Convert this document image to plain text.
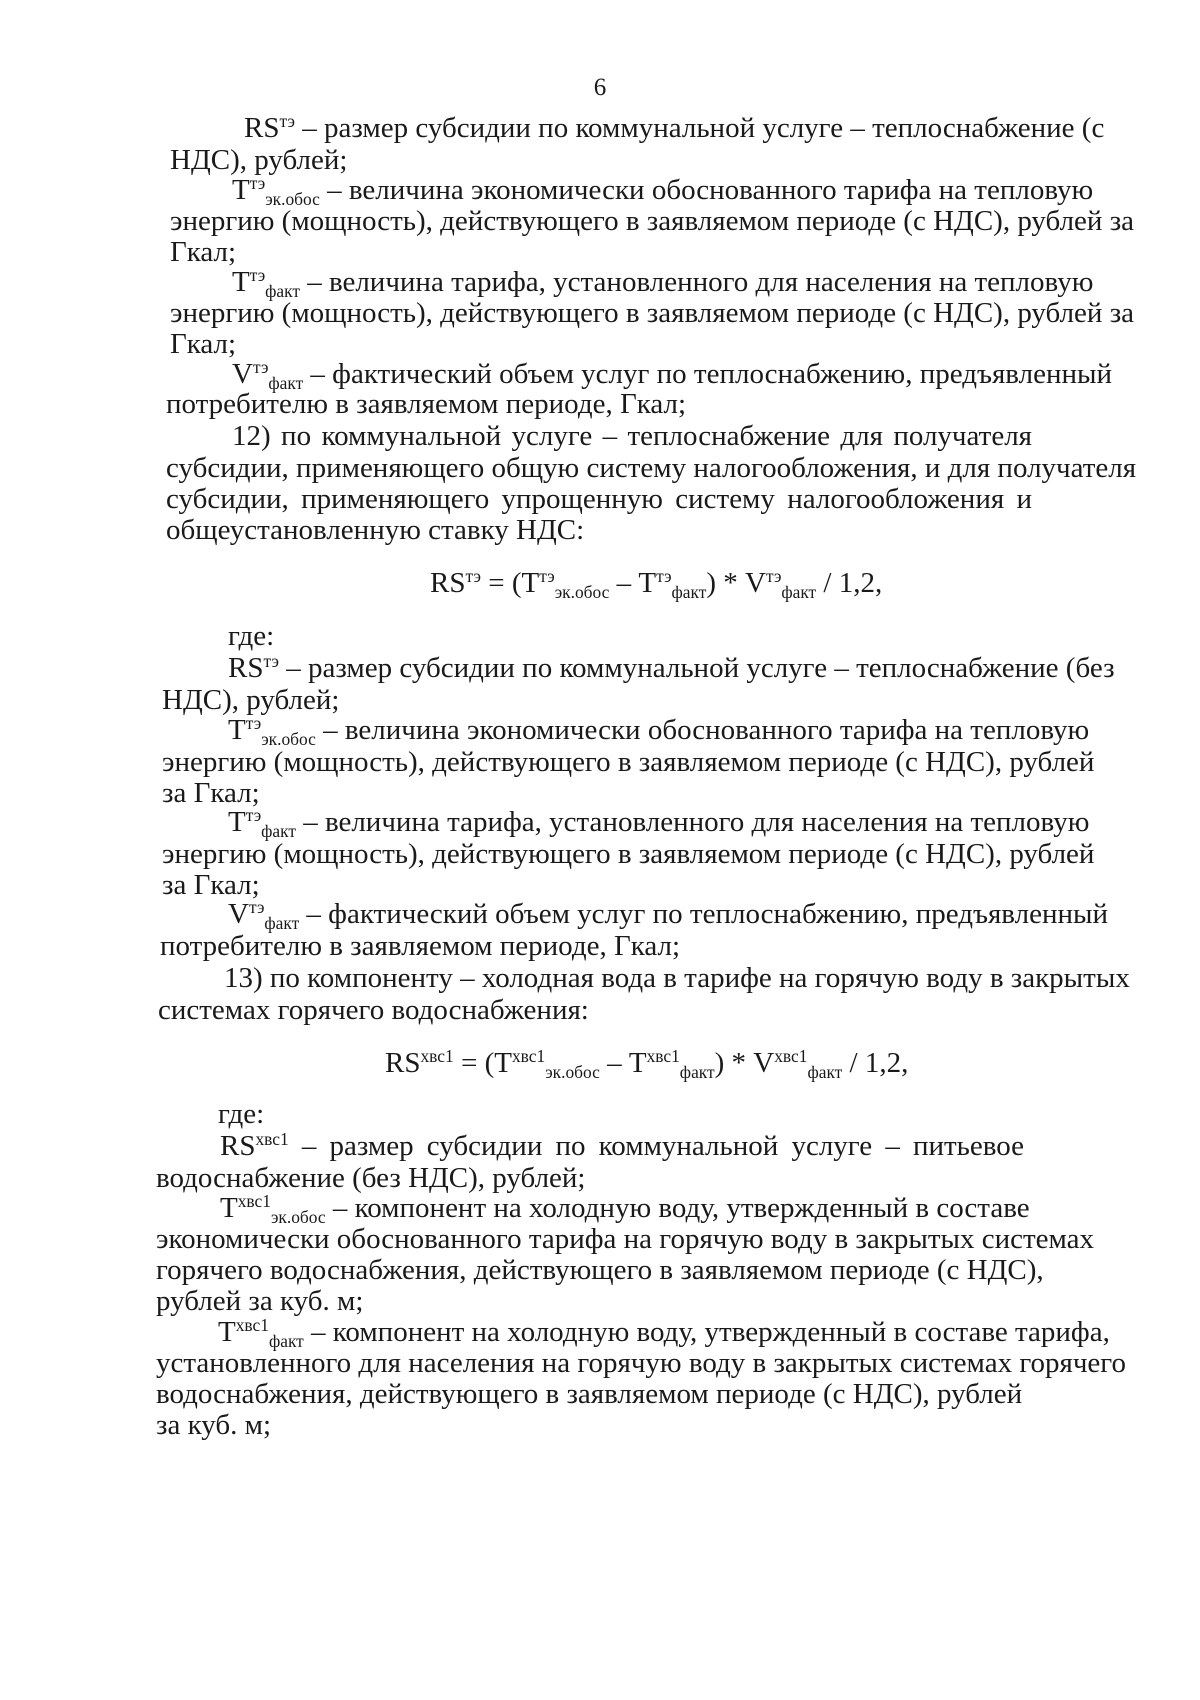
6
$RS^{тэ}$ – размер субсидии по коммунальной услуге – теплоснабжение (с
НДС), рублей;
$T^{тэ}_{эк.обос}$ – величина экономически обоснованного тарифа на тепловую
энергию (мощность), действующего в заявляемом периоде (с НДС), рублей за
Гкал;
$T^{тэ}_{факт}$ – величина тарифа, установленного для населения на тепловую
энергию (мощность), действующего в заявляемом периоде (с НДС), рублей за
Гкал;
$V^{тэ}_{факт}$ – фактический объем услуг по теплоснабжению, предъявленный
потребителю в заявляемом периоде, Гкал;
12) по коммунальной услуге – теплоснабжение для получателя
субсидии, применяющего общую систему налогообложения, и для получателя
субсидии, применяющего упрощенную систему налогообложения и
общеустановленную ставку НДС:
$RS^{тэ} = (T^{тэ}_{эк.обос} - T^{тэ}_{факт}) * V^{тэ}_{факт} / 1,2$,
где:
$RS^{тэ}$ – размер субсидии по коммунальной услуге – теплоснабжение (без
НДС), рублей;
$T^{тэ}_{эк.обос}$ – величина экономически обоснованного тарифа на тепловую
энергию (мощность), действующего в заявляемом периоде (с НДС), рублей
за Гкал;
$T^{тэ}_{факт}$ – величина тарифа, установленного для населения на тепловую
энергию (мощность), действующего в заявляемом периоде (с НДС), рублей
за Гкал;
$V^{тэ}_{факт}$ – фактический объем услуг по теплоснабжению, предъявленный
потребителю в заявляемом периоде, Гкал;
13) по компоненту – холодная вода в тарифе на горячую воду в закрытых
системах горячего водоснабжения:
$RS^{хвс1} = (T^{хвс1}_{эк.обос} - T^{хвс1}_{факт}) * V^{хвс1}_{факт} / 1,2$,
где:
$RS^{хвс1}$ – размер субсидии по коммунальной услуге – питьевое
водоснабжение (без НДС), рублей;
$T^{хвс1}_{эк.обос}$ – компонент на холодную воду, утвержденный в составе
экономически обоснованного тарифа на горячую воду в закрытых системах
горячего водоснабжения, действующего в заявляемом периоде (с НДС),
рублей за куб. м;
$T^{хвс1}_{факт}$ – компонент на холодную воду, утвержденный в составе тарифа,
установленного для населения на горячую воду в закрытых системах горячего
водоснабжения, действующего в заявляемом периоде (с НДС), рублей
за куб. м;
